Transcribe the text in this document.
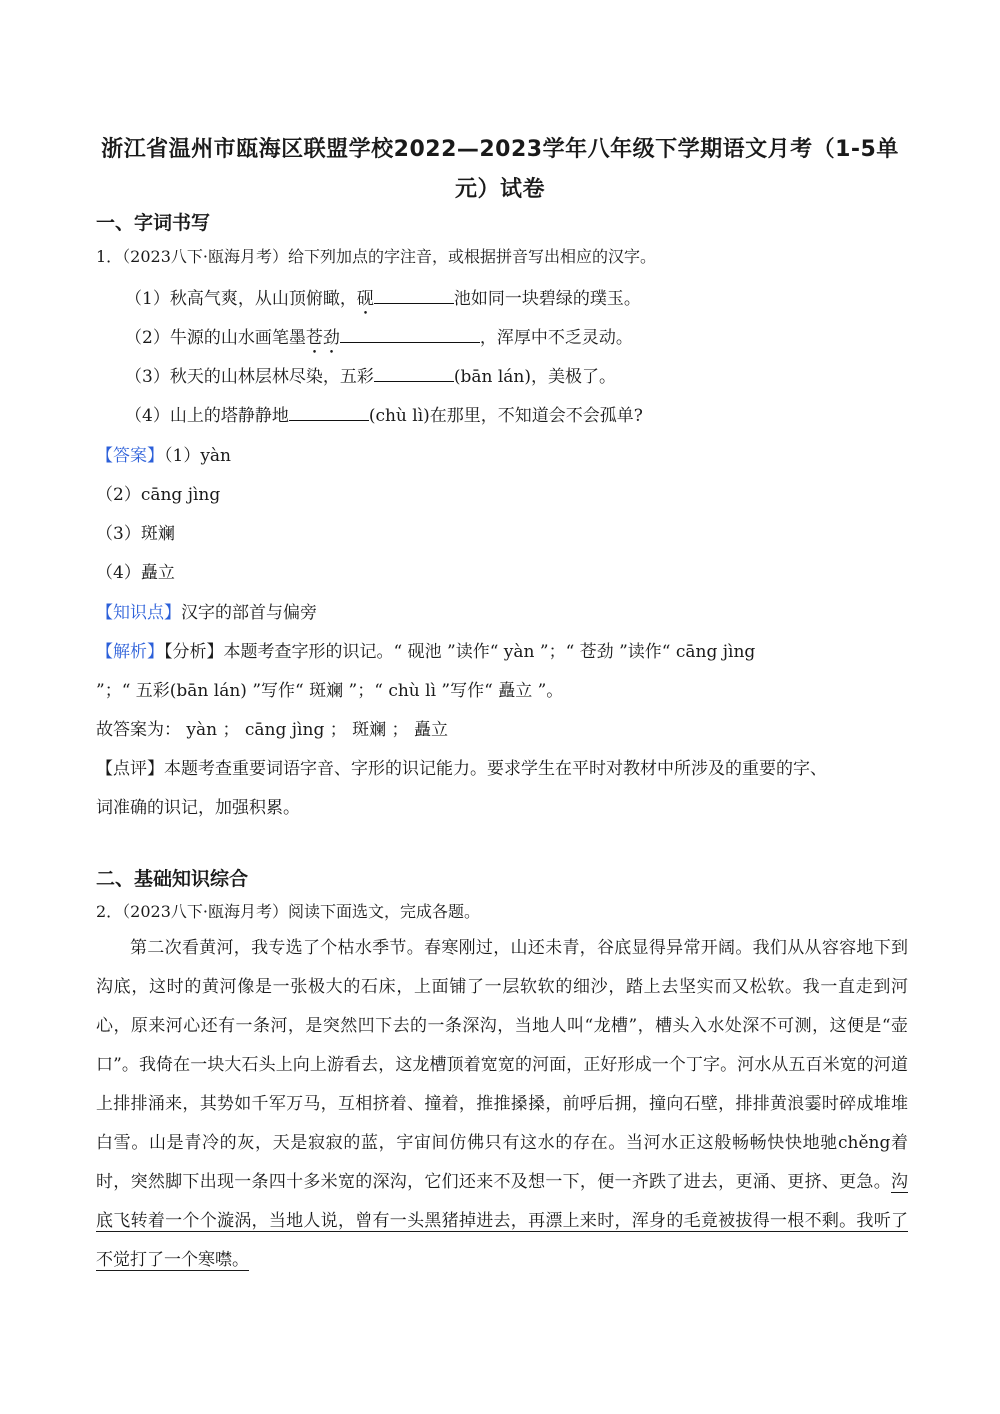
浙江省温州市瓯海区联盟学校2022—2023学年八年级下学期语文月考（1-5单元）试卷
一、字词书写
1．（2023八下·瓯海月考）给下列加点的字注音，或根据拼音写出相应的汉字。
（1）秋高气爽，从山顶俯瞰，砚	池如同一块碧绿的璞玉。
（2）牛源的山水画笔墨苍劲	，浑厚中不乏灵动。
（3）秋天的山林层林尽染，五彩	(bān lán)，美极了。
（4）山上的塔静静地	(chù lì)在那里，不知道会不会孤单?
【答案】（1）yàn
（2）cāng jìng
（3）斑斓
（4）矗立
【知识点】汉字的部首与偏旁
【解析】【分析】本题考查字形的识记。“ 砚池 ”读作“ yàn ”；“ 苍劲 ”读作“ cāng jìng
”；“ 五彩(bān lán) ”写作“ 斑斓 ”；“ chù lì ”写作“ 矗立 ”。
故答案为： yàn ； cāng jìng ； 斑斓 ； 矗立
【点评】本题考查重要词语字音、字形的识记能力。要求学生在平时对教材中所涉及的重要的字、
词准确的识记，加强积累。
二、基础知识综合
2．（2023八下·瓯海月考）阅读下面选文，完成各题。
第二次看黄河，我专选了个枯水季节。春寒刚过，山还未青，谷底显得异常开阔。我们从从容容地下到沟底，这时的黄河像是一张极大的石床，上面铺了一层软软的细沙，踏上去坚实而又松软。我一直走到河心，原来河心还有一条河，是突然凹下去的一条深沟，当地人叫“龙槽”，槽头入水处深不可测，这便是“壶口”。我倚在一块大石头上向上游看去，这龙槽顶着宽宽的河面，正好形成一个丁字。河水从五百米宽的河道上排排涌来，其势如千军万马，互相挤着、撞着，推推搡搡，前呼后拥，撞向石壁，排排黄浪霎时碎成堆堆白雪。山是青冷的灰，天是寂寂的蓝，宇宙间仿佛只有这水的存在。当河水正这般畅畅快快地驰chěng着时，突然脚下出现一条四十多米宽的深沟，它们还来不及想一下，便一齐跌了进去，更涌、更挤、更急。沟底飞转着一个个漩涡，当地人说，曾有一头黑猪掉进去，再漂上来时，浑身的毛竟被拔得一根不剩。我听了不觉打了一个寒噤。
